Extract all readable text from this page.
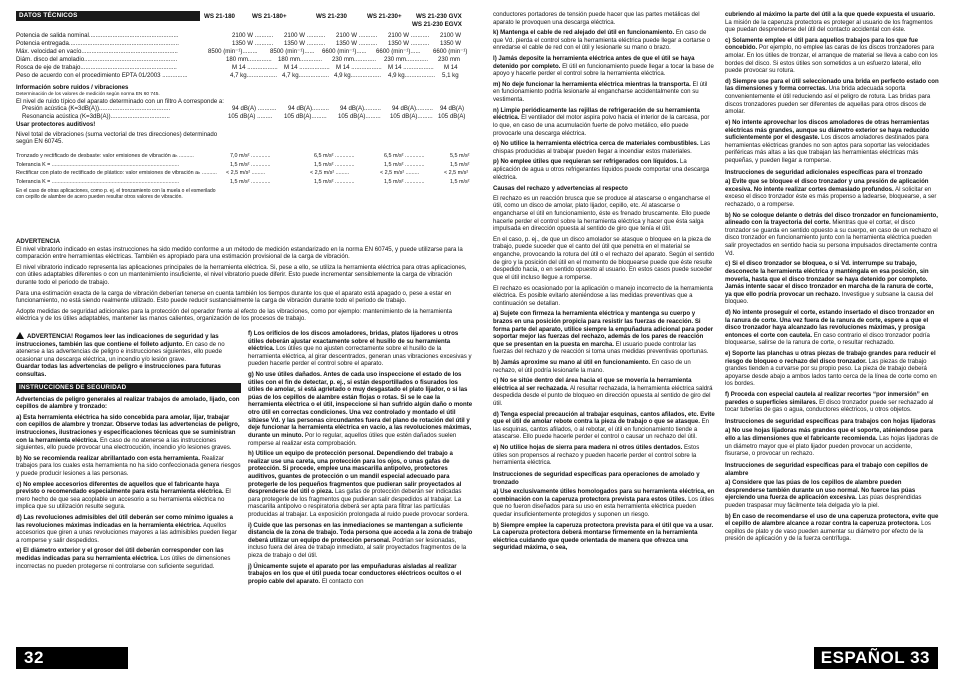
DATOS TÉCNICOS	WS 21-180	WS 21-180+	WS 21-230	WS 21-230+ WS 21-230 GVX
WS 21-230 EGVX
Potencia de salida nominal.....................................................	2100 W ........... 2100 W ........... 2100 W ........... 2100 W ........... 2100 W
Potencia entregada.................................................................	1350 W ........... 1350 W ........... 1350 W ........... 1350 W ........... 1350 W
Máx. velocidad en vacío.........................................................	8500 (min⁻¹)......... 8500 (min⁻¹)...... 6600 (min⁻¹)...... 6600 (min⁻¹)...... 6600 (min⁻¹)
Diám. disco del amoladio.......................................................	180 mm.............. 180 mm............. 230 mm............. 230 mm............. 230 mm
Rosca de eje de trabajo.........................................................	M 14 .................. M 14 .................. M 14 .................. M 14 .................. M 14
Peso de acuerdo con el procedimiento EPTA 01/2003 ...............	4,7 kg.................. 4,7 kg.................. 4,9 kg.................. 4,9 kg.................. 5,1 kg
Información sobre ruidos / vibraciones
Determinación de los valores de medición según norma EN 60 745.
El nivel de ruido típico del aparato determinado con un filtro A corresponde a:
Presión acústica (K=3dB(A))..........................................	94 dB(A) ........... 94 dB(A).......... 94 dB(A).......... 94 dB(A).......... 94 dB(A)
Resonancia acústica (K=3dB(A))...................................	105 dB(A) ......... 105 dB(A)......... 105 dB(A)......... 105 dB(A)......... 105 dB(A)
Usar protectores auditivos!
Nivel total de vibraciones (suma vectorial de tres direcciones) determinado según EN 60745.
Tronzado y rectificado de desbaste: valor emisiones de vibración aₕ ..........	7,0 m/s² .............	6,5 m/s² .............	6,5 m/s² .............	5,5 m/s²
Tolerancia K = .....................................................................................	1,5 m/s² .............	1,5 m/s² .............	1,5 m/s² .............	1,5 m/s²
Rectificar con plato de rectificado de plástico: valor emisiones de vibración aₕ .......... < 2,5 m/s² .........	< 2,5 m/s² .........	< 2,5 m/s² .........	< 2,5 m/s²
Tolerancia K = .....................................................................................	1,5 m/s² .............	1,5 m/s² .............	1,5 m/s² .............	1,5 m/s²
En el caso de otras aplicaciones, como p. ej. el tronzamiento con la muela o el esmerilado con cepillo de alambre de acero pueden resultar otros valores de vibración.
ADVERTENCIA

El nivel vibratorio indicado en estas instrucciones ha sido medido conforme a un método de medición estandarizado en la norma EN 60745, y puede utilizarse para la comparación entre herramientas eléctricas. También es apropiado para una estimación provisional de la carga de vibración.

El nivel vibratorio indicado representa las aplicaciones principales de la herramienta eléctrica. Si, pese a ello, se utiliza la herramienta eléctrica para otras aplicaciones, con útiles adaptables diferentes o con un mantenimiento insuficiente, el nivel vibratorio puede diferir. Esto puede incrementar sensiblemente la carga de vibración durante todo el periodo de trabajo.

Para una estimación exacta de la carga de vibración deberían tenerse en cuenta también los tiempos durante los que el aparato está apagado o, pese a estar en funcionamiento, no está siendo realmente utilizado. Esto puede reducir sustancialmente la carga de vibración durante todo el periodo de trabajo.

Adopte medidas de seguridad adicionales para la protección del operador frente al efecto de las vibraciones, como por ejemplo: mantenimiento de la herramienta eléctrica y de los útiles adaptables, mantener las manos calientes, organización de los procesos de trabajo.

ADVERTENCIA! Rogamos leer las indicaciones de seguridad y las instrucciones, también las que contiene el folleto adjunto. En caso de no atenerse a las advertencias de peligro e instrucciones siguientes, ello puede ocasionar una descarga eléctrica, un incendio y/o lesión grave.
Guardar todas las advertencias de peligro e instrucciones para futuras consultas.

INSTRUCCIONES DE SEGURIDAD

Advertencias de peligro generales al realizar trabajos de amolado, lijado, con cepillos de alambre y tronzado:

a) Esta herramienta eléctrica ha sido concebida para amolar, lijar, trabajar con cepillos de alambre y tronzar. Observe todas las advertencias de peligro, instrucciones, ilustraciones y especificaciones técnicas que se suministran con la herramienta eléctrica. En caso de no atenerse a las instrucciones siguientes, ello puede provocar una electrocución, incendio y/o lesiones graves.

b) No se recomienda realizar abrillantado con esta herramienta. Realizar trabajos para los cuales esta herramienta no ha sido confeccionada genera riesgos y puede producir lesiones a las personas.

c) No emplee accesorios diferentes de aquellos que el fabricante haya previsto o recomendado especialmente para esta herramienta eléctrica. El mero hecho de que sea acoplable un accesorio a su herramienta eléctrica no implica que su utilización resulte segura.

d) Las revoluciones admisibles del útil deberán ser como mínimo iguales a las revoluciones máximas indicadas en la herramienta eléctrica. Aquellos accesorios que giren a unas revoluciones mayores a las admisibles pueden llegar a romperse y salir despedidos.

e) El diámetro exterior y el grosor del útil deberán corresponder con las medidas indicadas para su herramienta eléctrica. Los útiles de dimensiones incorrectas no pueden protegerse ni controlarse con suficiente seguridad.

f) Los orificios de los discos amoladores, bridas, platos lijadores u otros útiles deberán ajustar exactamente sobre el husillo de su herramienta eléctrica. Los útiles que no ajusten correctamente sobre el husillo de la herramienta eléctrica, al girar descentrados, generan unas vibraciones excesivas y pueden hacerle perder el control sobre el aparato.

g) No use útiles dañados. Antes de cada uso inspeccione el estado de los útiles con el fin de detectar, p. ej., si están desportillados o fisurados los útiles de amolar, si está agrietado o muy desgastado el plato lijador, o si las púas de los cepillos de alambre están flojas o rotas. Si se le cae la herramienta eléctrica o el útil, inspeccione si han sufrido algún daño o monte otro útil en correctas condiciones. Una vez controlado y montado el útil sitúese Vd. y las personas circundantes fuera del plano de rotación del útil y deje funcionar la herramienta eléctrica en vacío, a las revoluciones máximas, durante un minuto. Por lo regular, aquellos útiles que estén dañados suelen romperse al realizar esta comprobación.

h) Utilice un equipo de protección personal. Dependiendo del trabajo a realizar use una careta, una protección para los ojos, o unas gafas de protección. Si procede, emplee una mascarilla antipolvo, protectores auditivos, guantes de protección o un mandil especial adecuado para protegerle de los pequeños fragmentos que pudieran salir proyectados al desprenderse del útil o pieza. Las gafas de protección deberán ser indicadas para protegerle de los fragmentos que pudieran salir despedidos al trabajar. La mascarilla antipolvo o respiratoria deberá ser apta para filtrar las partículas producidas al trabajar. La exposición prolongada al ruido puede provocar sordera.

i) Cuide que las personas en las inmediaciones se mantengan a suficiente distancia de la zona de trabajo. Toda persona que acceda a la zona de trabajo deberá utilizar un equipo de protección personal. Podrían ser lesionadas, incluso fuera del área de trabajo inmediato, al salir proyectados fragmentos de la pieza de trabajo o del útil.

j) Únicamente sujete el aparato por las empuñaduras aisladas al realizar trabajos en los que el útil pueda tocar conductores eléctricos ocultos o el propio cable del aparato. El contacto con

32 ESPAÑOL

conductores portadores de tensión puede hacer que las partes metálicas del aparato le provoquen una descarga eléctrica.

k) Mantenga el cable de red alejado del útil en funcionamiento. En caso de que Vd. pierda el control sobre la herramienta eléctrica puede llegar a cortarse o enredarse el cable de red con el útil y lesionarle su mano o brazo.

l) Jamás deposite la herramienta eléctrica antes de que el útil se haya detenido por completo. El útil en funcionamiento puede llegar a tocar la base de apoyo y hacerle perder el control sobre la herramienta eléctrica.

m) No deje funcionar la herramienta eléctrica mientras la transporta. El útil en funcionamiento podría lesionarle al engancharse accidentalmente con su vestimenta.

n) Limpie periódicamente las rejillas de refrigeración de su herramienta eléctrica. El ventilador del motor aspira polvo hacia el interior de la carcasa, por lo que, en caso de una acumulación fuerte de polvo metálico, ello puede provocarle una descarga eléctrica.

o) No utilice la herramienta eléctrica cerca de materiales combustibles. Las chispas producidas al trabajar pueden llegar a incendiar estos materiales.

p) No emplee útiles que requieran ser refrigerados con líquidos. La aplicación de agua u otros refrigerantes líquidos puede comportar una descarga eléctrica.

Causas del rechazo y advertencias al respecto

El rechazo es un reacción brusca que se produce al atascarse o engancharse el útil, como un disco de amolar, plato lijador, cepillo, etc. Al atascarse o engancharse el útil en funcionamiento, éste es frenado bruscamente. Ello puede hacerle perder el control sobre la herramienta eléctrica y hacer que ésta salga impulsada en dirección opuesta al sentido de giro que tenía el útil.

En el caso, p. ej., de que un disco amolador se atasque o bloquee en la pieza de trabajo, puede suceder que el canto del útil que penetra en el material se enganche, provocando la rotura del útil o el rechazo del aparato. Según el sentido de giro y la posición del útil en el momento de bloquearse puede que éste resulte despedido hacia, o en sentido opuesto al usuario. En estos casos puede suceder que el útil incluso llegue a romperse.

El rechazo es ocasionado por la aplicación o manejo incorrecto de la herramienta eléctrica. Es posible evitarlo ateniéndose a las medidas preventivas que a continuación se detallan.

a) Sujete con firmeza la herramienta eléctrica y mantenga su cuerpo y brazos en una posición propicia para resistir las fuerzas de reacción. Si forma parte del aparato, utilice siempre la empuñadura adicional para poder soportar mejor las fuerzas del rechazo, además de los pares de reacción que se presentan en la puesta en marcha. El usuario puede controlar las fuerzas del rechazo y de reacción si toma unas medidas preventivas oportunas.

b) Jamás aproxime su mano al útil en funcionamiento. En caso de un rechazo, el útil podría lesionarle la mano.

c) No se sitúe dentro del área hacia el que se movería la herramienta eléctrica al ser rechazada. Al resultar rechazada, la herramienta eléctrica saldrá despedida desde el punto de bloqueo en dirección opuesta al sentido de giro del útil.

d) Tenga especial precaución al trabajar esquinas, cantos afilados, etc. Evite que el útil de amolar rebote contra la pieza de trabajo o que se atasque. En las esquinas, cantos afilados, o al rebotar, el útil en funcionamiento tiende a atascarse. Ello puede hacerle perder el control o causar un rechazo del útil.

e) No utilice hojas de sierra para madera ni otros útiles dentados. Estos útiles son propensos al rechazo y pueden hacerle perder el control sobre la herramienta eléctrica.

Instrucciones de seguridad específicas para operaciones de amolado y tronzado

a) Use exclusivamente útiles homologados para su herramienta eléctrica, en combinación con la caperuza protectora prevista para estos útiles. Los útiles que no fueron diseñados para su uso en esta herramienta eléctrica pueden quedar insuficientemente protegidos y suponen un riesgo.

b) Siempre emplee la caperuza protectora prevista para el útil que va a usar. La caperuza protectora deberá montarse firmemente en la herramienta eléctrica cuidando que quede orientada de manera que ofrezca una seguridad máxima, o sea,

cubriendo al máximo la parte del útil a la que quede expuesta el usuario. La misión de la caperuza protectora es proteger al usuario de los fragmentos que puedan desprenderse del útil del contacto accidental con éste.

c) Solamente emplee el útil para aquellos trabajos para los que fue concebido. Por ejemplo, no emplee las caras de los discos tronzadores para amolar. En los útiles de tronzar, el arranque de material se lleva a cabo con los bordes del disco. Si estos útiles son sometidos a un esfuerzo lateral, ello puede provocar su rotura.

d) Siempre use para el útil seleccionado una brida en perfecto estado con las dimensiones y forma correctas. Una brida adecuada soporta convenientemente el útil reduciendo así el peligro de rotura. Las bridas para discos tronzadores pueden ser diferentes de aquellas para otros discos de amolar.

e) No intente aprovechar los discos amoladores de otras herramientas eléctricas más grandes, aunque su diámetro exterior se haya reducido suficientemente por el desgaste. Los discos amoladores destinados para herramientas eléctricas grandes no son aptos para soportar las velocidades periféricas más altas a las que trabajan las herramientas eléctricas más pequeñas, y pueden llegar a romperse.

Instrucciones de seguridad adicionales específicas para el tronzado

a) Evite que se bloquee el disco tronzador y una presión de aplicación excesiva. No intente realizar cortes demasiado profundos. Al solicitar en exceso el disco tronzador éste es más propenso a ladearse, bloquearse, a ser rechazado, o a romperse.

b) No se coloque delante o detrás del disco tronzador en funcionamiento, alineado con la trayectoria del corte. Mientras que el cortar, el disco tronzador se guarda en sentido opuesto a su cuerpo, en caso de un rechazo el disco tronzador en funcionamiento junto con la herramienta eléctrica pueden salir proyectados en sentido hacia su persona impulsados directamente contra Vd.

c) Si el disco tronzador se bloquea, o si Vd. interrumpe su trabajo, desconecte la herramienta eléctrica y manténgala en esa posición, sin moverla, hasta que el disco tronzador se haya detenido por completo. Jamás intente sacar el disco tronzador en marcha de la ranura de corte, ya que ello podría provocar un rechazo. Investigue y subsane la causa del bloqueo.

d) No intente proseguir el corte, estando insertado el disco tronzador en la ranura de corte. Una vez fuera de la ranura de corte, espere a que el disco tronzador haya alcanzado las revoluciones máximas, y prosiga entonces el corte con cautela. En caso contrario el disco tronzador podría bloquearse, salirse de la ranura de corte, o resultar rechazado.

e) Soporte las planchas u otras piezas de trabajo grandes para reducir el riesgo de bloqueo o rechazo del disco tronzador. Las piezas de trabajo grandes tienden a curvarse por su propio peso. La pieza de trabajo deberá apoyarse desde abajo a ambos lados tanto cerca de la línea de corte como en los bordes.

f) Proceda con especial cautela al realizar recortes “por inmersión” en paredes o superficies similares. El disco tronzador puede ser rechazado al tocar tuberías de gas o agua, conductores eléctricos, u otros objetos.

Instrucciones de seguridad específicas para trabajos con hojas lijadoras

a) No use hojas lijadoras más grandes que el soporte, aténiendose para ello a las dimensiones que el fabricante recomienda. Las hojas lijadoras de un diámetro mayor que el plato lijador pueden provocar un accidente, fisurarse, o provocar un rechazo.

Instrucciones de seguridad específicas para el trabajo con cepillos de alambre

a) Considere que las púas de los cepillos de alambre pueden desprenderse también durante un uso normal. No fuerce las púas ejerciendo una fuerza de aplicación excesiva. Las púas desprendidas pueden traspasar muy fácilmente tela delgada y/o la piel.

b) En caso de recomendarse el uso de una caperuza protectora, evite que el cepillo de alambre alcance a rozar contra la caperuza protectora. Los cepillos de plato y de vaso pueden aumentar su diámetro por efecto de la presión de aplicación y de la fuerza centrífuga.

ESPAÑOL 33
